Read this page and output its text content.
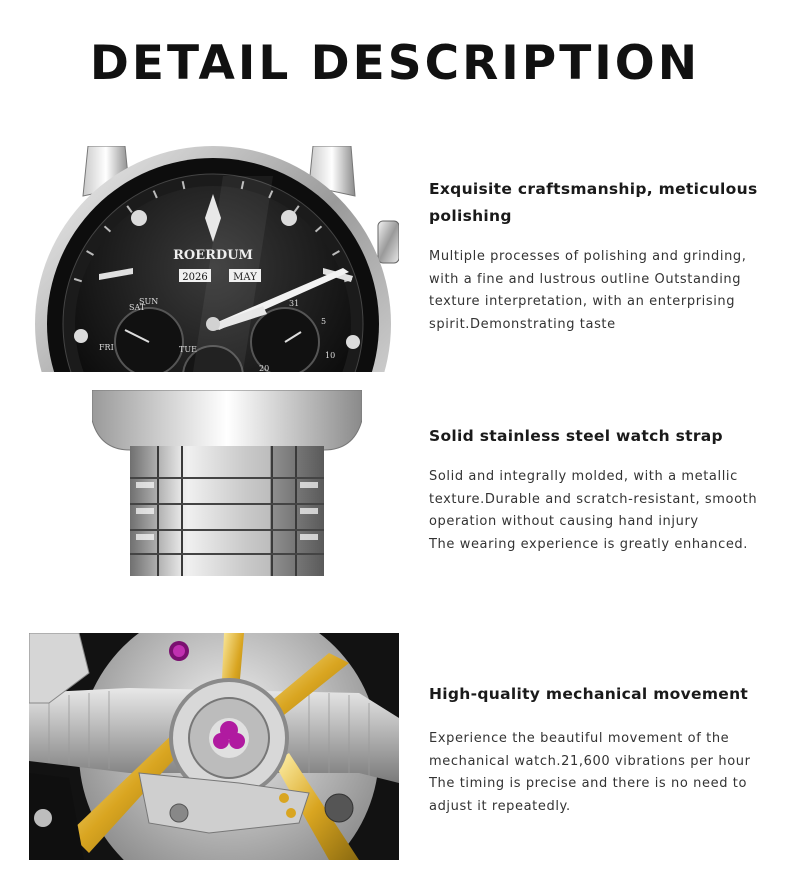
DETAIL DESCRIPTION
ROERDUM
2026	MAY
SAT
SUN
FRI	TUE
31
5
10
20
Exquisite craftsmanship, meticulous
polishing
Multiple processes of polishing and grinding,
with a fine and lustrous outline Outstanding
texture interpretation, with an enterprising
spirit.Demonstrating taste
Solid stainless steel watch strap
Solid and integrally molded, with a metallic
texture.Durable and scratch-resistant, smooth
operation without causing hand injury
The wearing experience is greatly enhanced.
High-quality mechanical movement
Experience the beautiful movement of the
mechanical watch.21,600 vibrations per hour
The timing is precise and there is no need to
adjust it repeatedly.
